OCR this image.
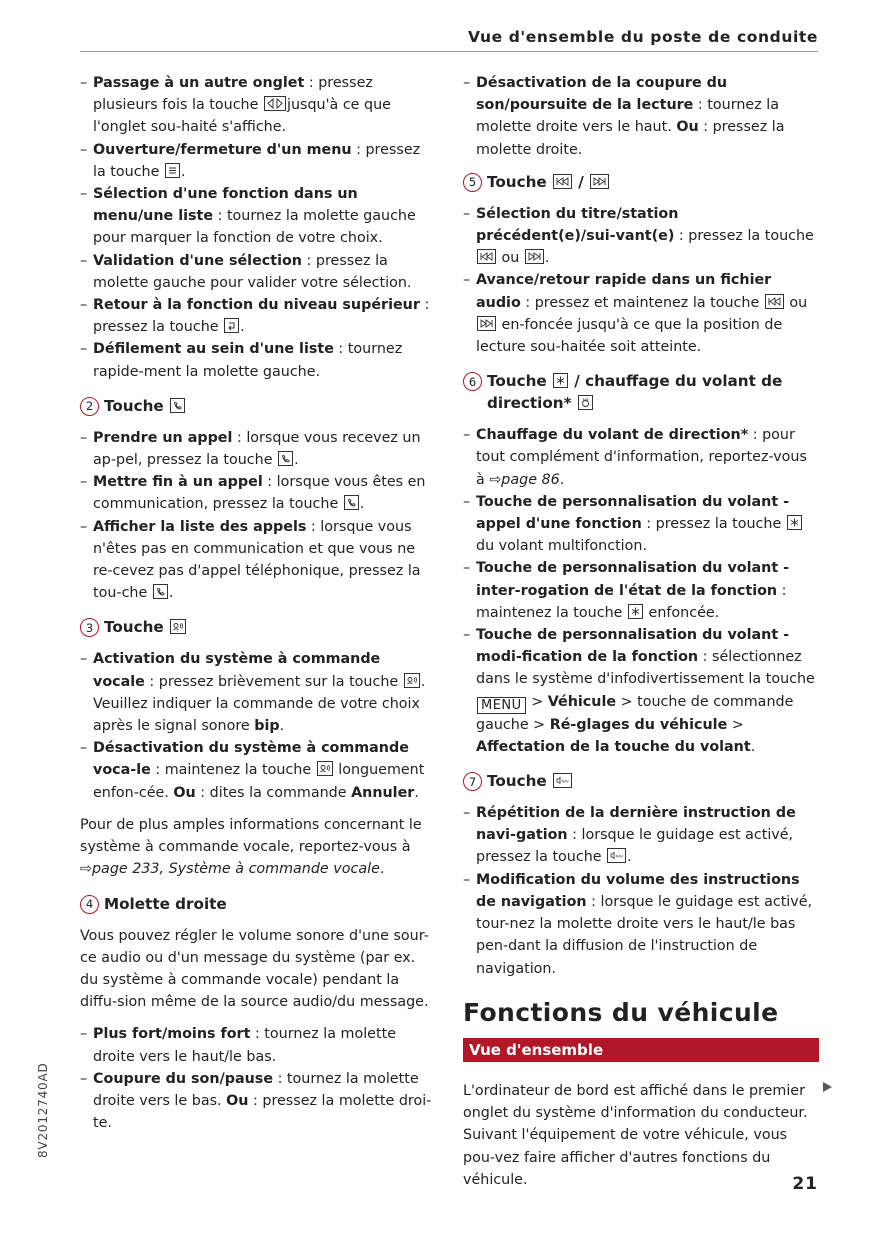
Vue d'ensemble du poste de conduite
– Passage à un autre onglet : pressez plusieurs fois la touche
jusqu'à ce que l'onglet sou-haité s'affiche.
– Ouverture/fermeture d'un menu : pressez la touche
.
– Sélection d'une fonction dans un menu/une liste : tournez la molette gauche pour marquer la fonction de votre choix.
– Validation d'une sélection : pressez la molette gauche pour valider votre sélection.
– Retour à la fonction du niveau supérieur : pressez la touche
.
– Défilement au sein d'une liste : tournez rapide-ment la molette gauche.
2 Touche
– Prendre un appel : lorsque vous recevez un ap-pel, pressez la touche
.
– Mettre fin à un appel : lorsque vous êtes en communication, pressez la touche
.
– Afficher la liste des appels : lorsque vous n'êtes pas en communication et que vous ne re-cevez pas d'appel téléphonique, pressez la tou-che
.
3 Touche
– Activation du système à commande vocale : pressez brièvement sur la touche
. Veuillez indiquer la commande de votre choix après le signal sonore bip.
– Désactivation du système à commande voca-le : maintenez la touche
longuement enfon-cée. Ou : dites la commande Annuler.

Pour de plus amples informations concernant le système à commande vocale, reportez-vous à ⇨page 233, Système à commande vocale.

4 Molette droite

Vous pouvez régler le volume sonore d'une sour-ce audio ou d'un message du système (par ex. du système à commande vocale) pendant la diffu-sion même de la source audio/du message.

– Plus fort/moins fort : tournez la molette droite vers le haut/le bas.
– Coupure du son/pause : tournez la molette droite vers le bas. Ou : pressez la molette droi-te.
– Désactivation de la coupure du son/poursuite de la lecture : tournez la molette droite vers le haut. Ou : pressez la molette droite.
5 Touche /
– Sélection du titre/station précédent(e)/sui-vant(e) : pressez la touche
ou
.
– Avance/retour rapide dans un fichier audio : pressez et maintenez la touche
ou
en-foncée jusqu'à ce que la position de lecture sou-haitée soit atteinte.
6 Touche
/ chauffage du volant de direction*
– Chauffage du volant de direction* : pour tout complément d'information, reportez-vous à ⇨page 86.
– Touche de personnalisation du volant - appel d'une fonction : pressez la touche
du volant multifonction.
– Touche de personnalisation du volant - inter-rogation de l'état de la fonction : maintenez la touche
enfoncée.
– Touche de personnalisation du volant - modi-fication de la fonction : sélectionnez dans le système d'infodivertissement la touche MENU > Véhicule > touche de commande gauche > Ré-glages du véhicule > Affectation de la touche du volant.
7 Touche	NAV
– Répétition de la dernière instruction de navi-gation : lorsque le guidage est activé, pressez la touche	NAV .
– Modification du volume des instructions de navigation : lorsque le guidage est activé, tour-nez la molette droite vers le haut/le bas pen-dant la diffusion de l'instruction de navigation.
Fonctions du véhicule
Vue d'ensemble

L'ordinateur de bord est affiché dans le premier onglet du système d'information du conducteur. Suivant l'équipement de votre véhicule, vous pou-vez faire afficher d'autres fonctions du véhicule.

8V2012740AD
21
